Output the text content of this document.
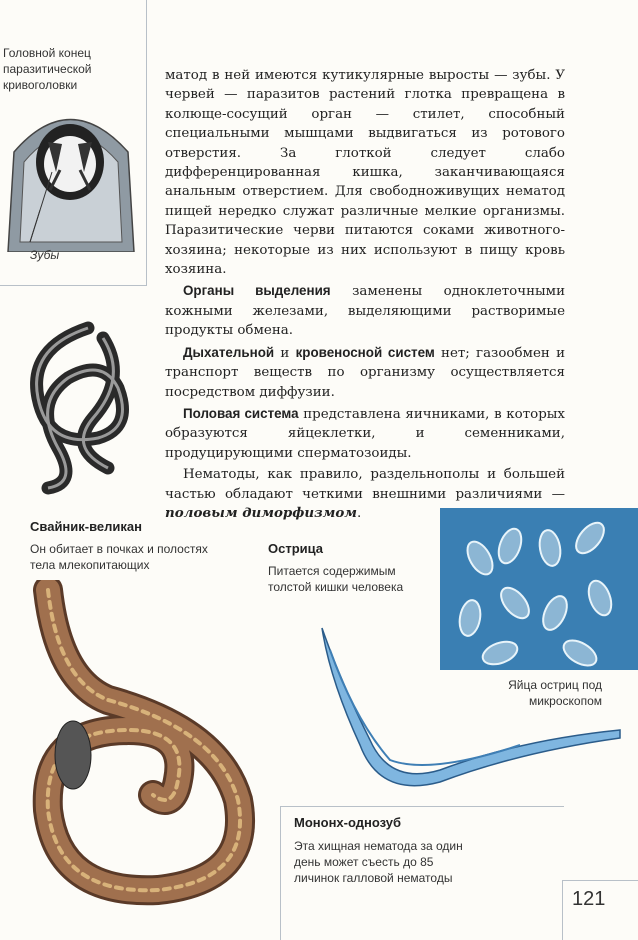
Головной конец паразитической кривоголовки
Зубы

матод в ней имеются кутикулярные выросты — зубы. У червей — паразитов растений глотка превращена в колюще-сосущий орган — стилет, способный специальными мышцами выдвигаться из ротового отверстия. За глоткой следует слабо дифференцированная кишка, заканчивающаяся анальным отверстием. Для свободноживущих нематод пищей нередко служат различные мелкие организмы. Паразитические черви питаются соками животного-хозяина; некоторые из них используют в пищу кровь хозяина.

Органы выделения заменены одноклеточными кожными железами, выделяющими растворимые продукты обмена.

Дыхательной и кровеносной систем нет; газообмен и транспорт веществ по организму осуществляется посредством диффузии.

Половая система представлена яичниками, в которых образуются яйцеклетки, и семенниками, продуцирующими сперматозоиды.

Нематоды, как правило, раздельнополы и большей частью обладают четкими внешними различиями — половым диморфизмом.

Свайник-великан
Он обитает в почках и полостях тела млекопитающих
Острица
Питается содержимым толстой кишки человека
Яйца остриц под микроскопом
Мононх-однозуб
Эта хищная нематода за один день может съесть до 85 личинок галловой нематоды
121
